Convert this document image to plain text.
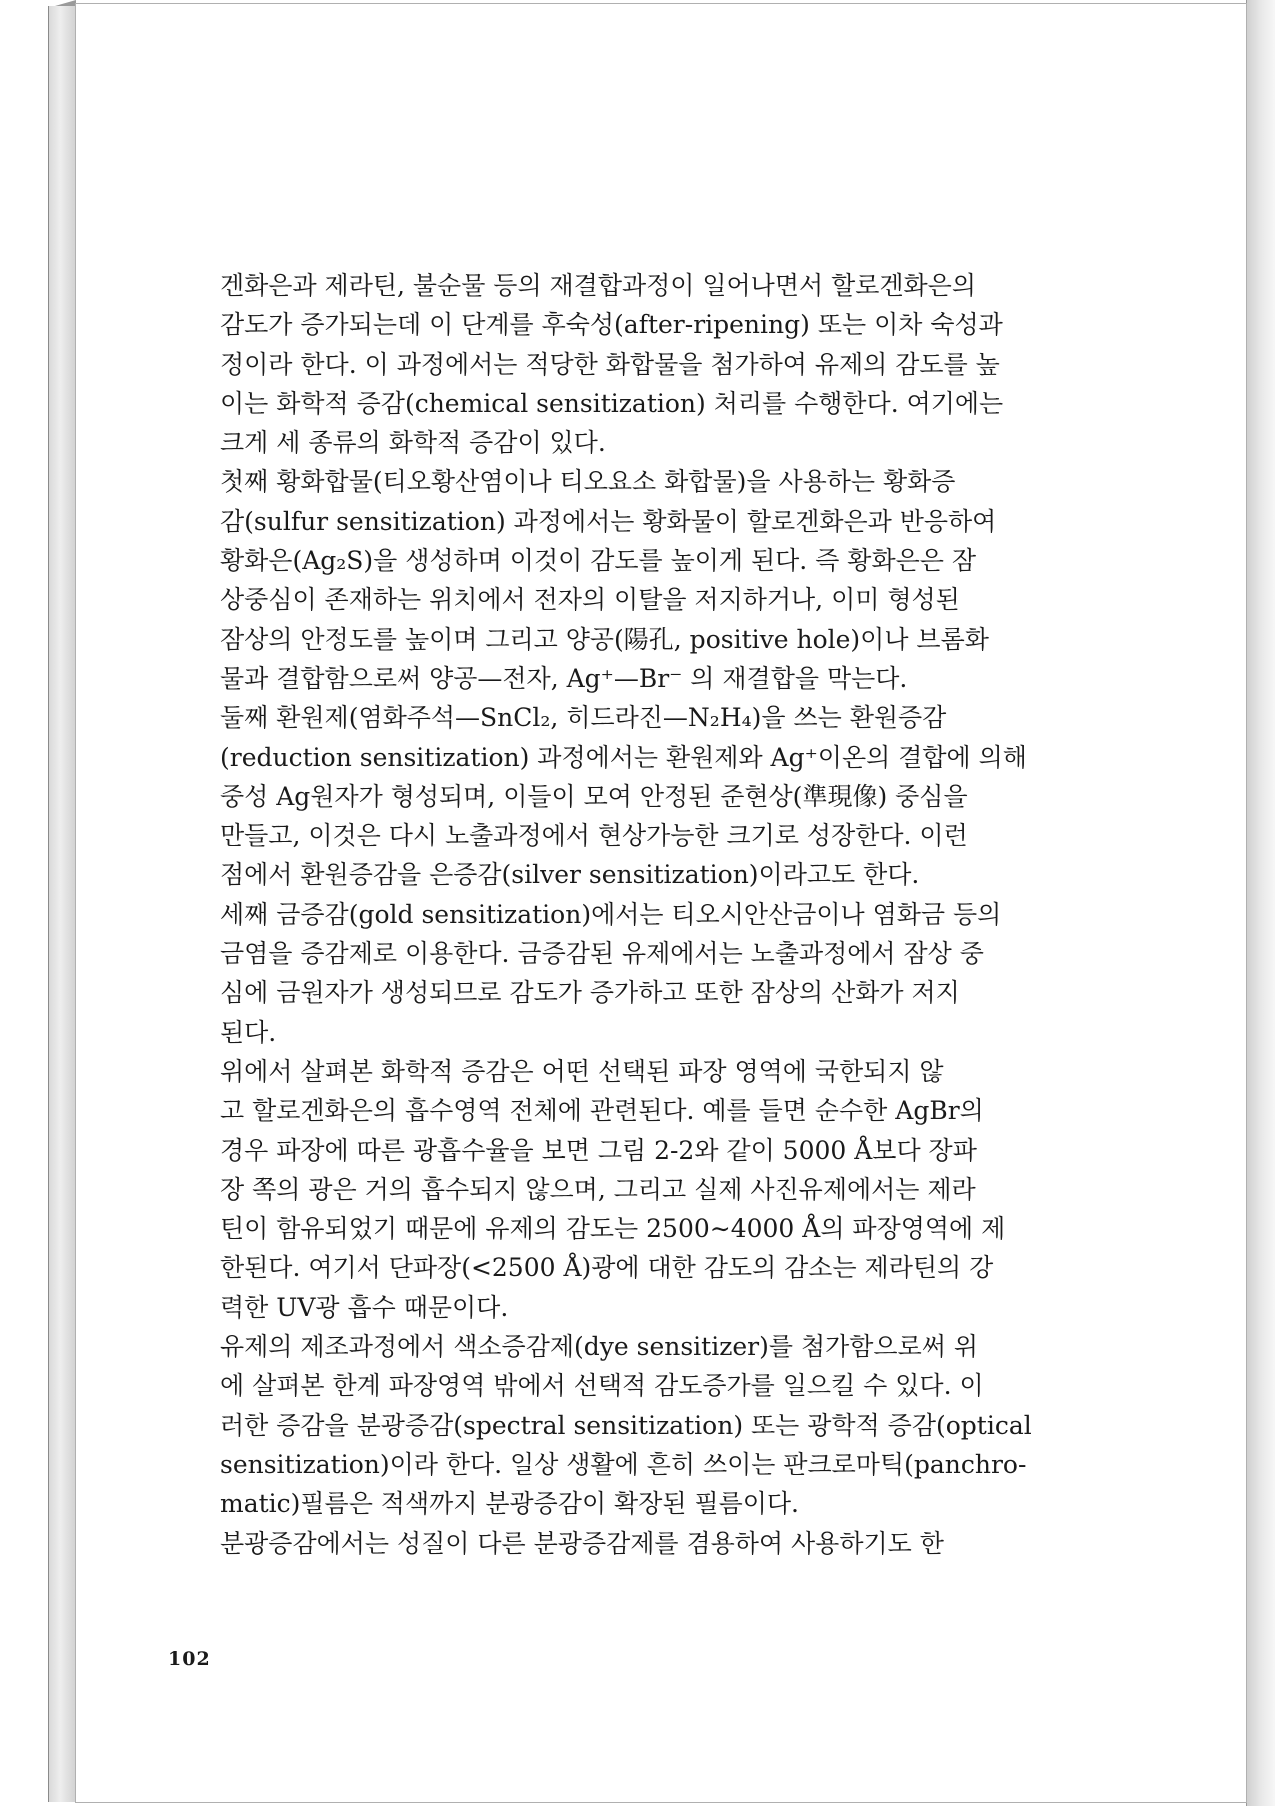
겐화은과 제라틴, 불순물 등의 재결합과정이 일어나면서 할로겐화은의
감도가 증가되는데 이 단계를 후숙성(after-ripening) 또는 이차 숙성과
정이라 한다. 이 과정에서는 적당한 화합물을 첨가하여 유제의 감도를 높
이는 화학적 증감(chemical sensitization) 처리를 수행한다. 여기에는
크게 세 종류의 화학적 증감이 있다.

첫째 황화합물(티오황산염이나 티오요소 화합물)을 사용하는 황화증
감(sulfur sensitization) 과정에서는 황화물이 할로겐화은과 반응하여
황화은(Ag₂S)을 생성하며 이것이 감도를 높이게 된다. 즉 황화은은 잠
상중심이 존재하는 위치에서 전자의 이탈을 저지하거나, 이미 형성된
잠상의 안정도를 높이며 그리고 양공(陽孔, positive hole)이나 브롬화
물과 결합함으로써 양공—전자, Ag⁺—Br⁻ 의 재결합을 막는다.

둘째 환원제(염화주석—SnCl₂, 히드라진—N₂H₄)을 쓰는 환원증감
(reduction sensitization) 과정에서는 환원제와 Ag⁺이온의 결합에 의해
중성 Ag원자가 형성되며, 이들이 모여 안정된 준현상(準現像) 중심을
만들고, 이것은 다시 노출과정에서 현상가능한 크기로 성장한다. 이런
점에서 환원증감을 은증감(silver sensitization)이라고도 한다.

세째 금증감(gold sensitization)에서는 티오시안산금이나 염화금 등의
금염을 증감제로 이용한다. 금증감된 유제에서는 노출과정에서 잠상 중
심에 금원자가 생성되므로 감도가 증가하고 또한 잠상의 산화가 저지
된다.

위에서 살펴본 화학적 증감은 어떤 선택된 파장 영역에 국한되지 않
고 할로겐화은의 흡수영역 전체에 관련된다. 예를 들면 순수한 AgBr의
경우 파장에 따른 광흡수율을 보면 그림 2-2와 같이 5000 Å보다 장파
장 쪽의 광은 거의 흡수되지 않으며, 그리고 실제 사진유제에서는 제라
틴이 함유되었기 때문에 유제의 감도는 2500∼4000 Å의 파장영역에 제
한된다. 여기서 단파장(<2500 Å)광에 대한 감도의 감소는 제라틴의 강
력한 UV광 흡수 때문이다.

유제의 제조과정에서 색소증감제(dye sensitizer)를 첨가함으로써 위
에 살펴본 한계 파장영역 밖에서 선택적 감도증가를 일으킬 수 있다. 이
러한 증감을 분광증감(spectral sensitization) 또는 광학적 증감(optical
sensitization)이라 한다. 일상 생활에 흔히 쓰이는 판크로마틱(panchro-
matic)필름은 적색까지 분광증감이 확장된 필름이다.

분광증감에서는 성질이 다른 분광증감제를 겸용하여 사용하기도 한

102
